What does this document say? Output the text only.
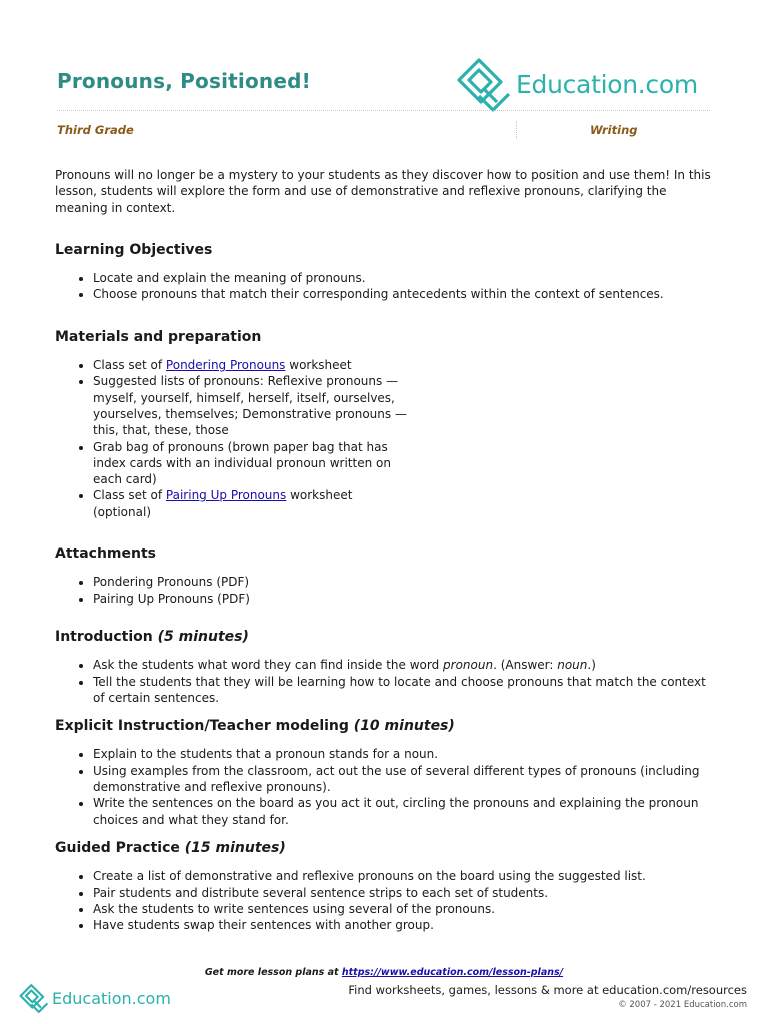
Pronouns, Positioned!	Education.com
Third Grade	Writing

Pronouns will no longer be a mystery to your students as they discover how to position and use them! In this lesson, students will explore the form and use of demonstrative and reflexive pronouns, clarifying the meaning in context.

Learning Objectives
• Locate and explain the meaning of pronouns.
• Choose pronouns that match their corresponding antecedents within the context of sentences.
Materials and preparation
• Class set of Pondering Pronouns worksheet
• Suggested lists of pronouns: Reflexive pronouns — myself, yourself, himself, herself, itself, ourselves, yourselves, themselves; Demonstrative pronouns — this, that, these, those
• Grab bag of pronouns (brown paper bag that has index cards with an individual pronoun written on each card)
• Class set of Pairing Up Pronouns worksheet (optional)
Attachments
• Pondering Pronouns (PDF)
• Pairing Up Pronouns (PDF)
Introduction (5 minutes)
• Ask the students what word they can find inside the word pronoun. (Answer: noun.)
• Tell the students that they will be learning how to locate and choose pronouns that match the context of certain sentences.
Explicit Instruction/Teacher modeling (10 minutes)
• Explain to the students that a pronoun stands for a noun.
• Using examples from the classroom, act out the use of several different types of pronouns (including demonstrative and reflexive pronouns).
• Write the sentences on the board as you act it out, circling the pronouns and explaining the pronoun choices and what they stand for.
Guided Practice (15 minutes)
• Create a list of demonstrative and reflexive pronouns on the board using the suggested list.
• Pair students and distribute several sentence strips to each set of students.
• Ask the students to write sentences using several of the pronouns.
• Have students swap their sentences with another group.
Get more lesson plans at https://www.education.com/lesson-plans/
Education.com	Find worksheets, games, lessons & more at education.com/resources
© 2007 - 2021 Education.com
